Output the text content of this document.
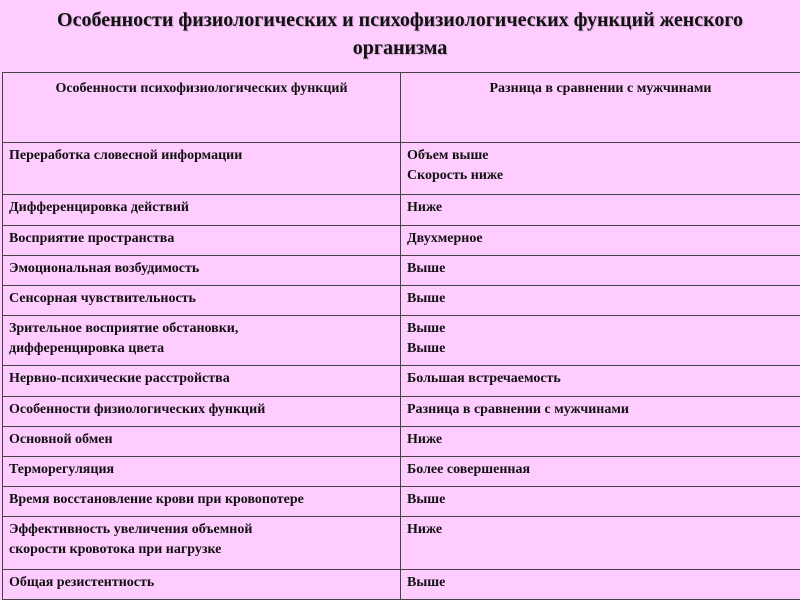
Особенности физиологических и психофизиологических функций женского
организма
Особенности психофизиологических функций	Разница в сравнении с мужчинами
Переработка словесной информации	Объем выше
Скорость ниже
Дифференцировка действий	Ниже
Восприятие пространства	Двухмерное
Эмоциональная возбудимость	Выше
Сенсорная чувствительность	Выше
Зрительное восприятие обстановки,
дифференцировка цвета	Выше
Выше
Нервно-психические расстройства	Большая встречаемость
Особенности физиологических функций	Разница в сравнении с мужчинами
Основной обмен	Ниже
Терморегуляция	Более совершенная
Время восстановление крови при кровопотере	Выше
Эффективность увеличения объемной
скорости кровотока при нагрузке	Ниже
Общая резистентность	Выше
